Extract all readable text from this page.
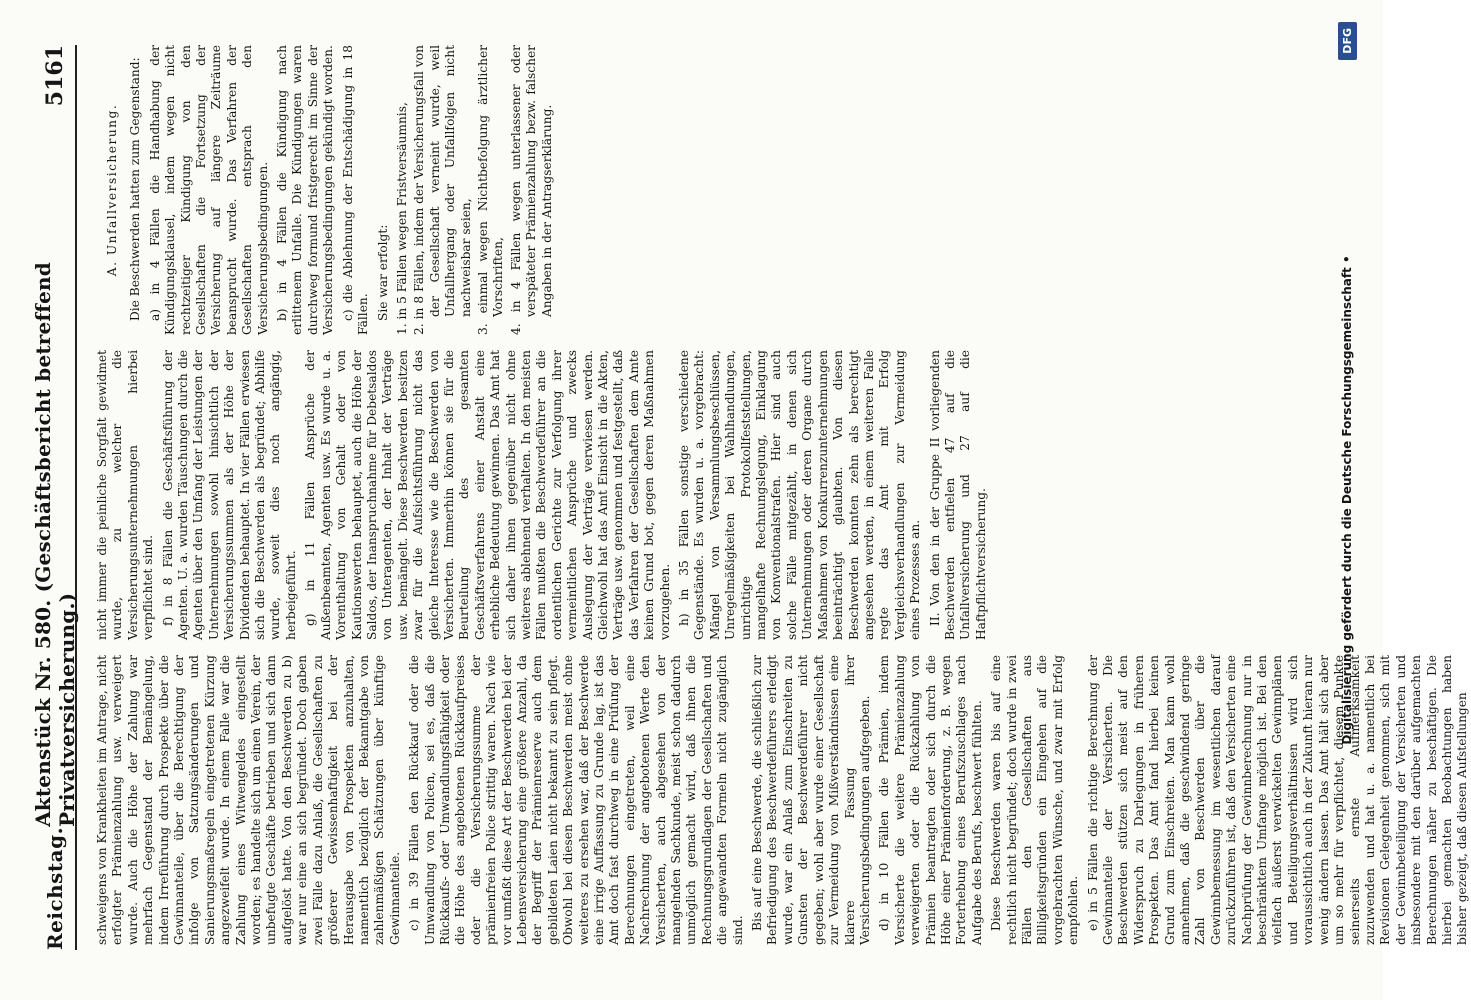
Reichstag.
Aktenstück Nr. 580. (Geschäftsbericht betreffend Privatversicherung.)
5161

schweigens von Krankheiten im Antrage, nicht erfolgter Prämienzahlung usw. verweigert wurde. Auch die Höhe der Zahlung war mehrfach Gegenstand der Bemängelung, indem Irreführung durch Prospekte über die Gewinnanteile, über die Berechtigung der infolge von Satzungsänderungen und Sanierungsmaßregeln eingetretenen Kürzung angezweifelt wurde. In einem Falle war die Zahlung eines Witwengeldes eingestellt worden; es handelte sich um einen Verein, der unbefugte Geschäfte betrieben und sich dann aufgelöst hatte. Von den Beschwerden zu b) war nur eine an sich begründet. Doch gaben zwei Fälle dazu Anlaß, die Gesellschaften zu größerer Gewissenhaftigkeit bei der Herausgabe von Prospekten anzuhalten, namentlich bezüglich der Bekanntgabe von zahlenmäßigen Schätzungen über künftige Gewinnanteile. c) in 39 Fällen den Rückkauf oder die Umwandlung von Policen, sei es, daß die Rückkaufs- oder Umwandlungsfähigkeit oder die Höhe des angebotenen Rückkaufpreises oder die Versicherungssumme der prämienfreien Police strittig waren. Nach wie vor umfaßt diese Art der Beschwerden bei der Lebensversicherung eine größere Anzahl, da der Begriff der Prämienreserve auch dem gebildeten Laien nicht bekannt zu sein pflegt. Obwohl bei diesen Beschwerden meist ohne weiteres zu ersehen war, daß der Beschwerde eine irrige Auffassung zu Grunde lag, ist das Amt doch fast durchweg in eine Prüfung der Berechnungen eingetreten, weil eine Nachrechnung der angebotenen Werte den Versicherten, auch abgesehen von der mangelnden Sachkunde, meist schon dadurch unmöglich gemacht wird, daß ihnen die Rechnungsgrundlagen der Gesellschaften und die angewandten Formeln nicht zugänglich sind. Bis auf eine Beschwerde, die schließlich zur Befriedigung des Beschwerdeführers erledigt wurde, war ein Anlaß zum Einschreiten zu Gunsten der Beschwerdeführer nicht gegeben; wohl aber wurde einer Gesellschaft zur Vermeidung von Mißverständnissen eine klarere Fassung ihrer Versicherungsbedingungen aufgegeben. d) in 10 Fällen die Prämien, indem Versicherte die weitere Prämienzahlung verweigerten oder die Rückzahlung von Prämien beantragten oder sich durch die Höhe einer Prämienforderung, z. B. wegen Forterhebung eines Berufszuschlages nach Aufgabe des Berufs, beschwert fühlten. Diese Beschwerden waren bis auf eine rechtlich nicht begründet; doch wurde in zwei Fällen den Gesellschaften aus Billigkeitsgründen ein Eingehen auf die vorgebrachten Wünsche, und zwar mit Erfolg empfohlen. e) in 5 Fällen die richtige Berechnung der Gewinnanteile der Versicherten. Die Beschwerden stützen sich meist auf den Widerspruch zu Darlegungen in früheren Prospekten. Das Amt fand hierbei keinen Grund zum Einschreiten. Man kann wohl annehmen, daß die geschwindend geringe Zahl von Beschwerden über die Gewinnbemessung im wesentlichen darauf zurückzuführen ist, daß den Versicherten eine Nachprüfung der Gewinnberechnung nur in beschränktem Umfange möglich ist. Bei den vielfach äußerst verwickelten Gewinnplänen und Beteiligungsverhältnissen wird sich voraussichtlich auch in der Zukunft hieran nur wenig ändern lassen. Das Amt hält sich aber um so mehr für verpflichtet, diesem Punkte seinerseits ernste Aufmerksamkeit zuzuwenden und hat u. a. namentlich bei Revisionen Gelegenheit genommen, sich mit der Gewinnbeteiligung der Versicherten und insbesondere mit den darüber aufgemachten Berechnungen näher zu beschäftigen. Die hierbei gemachten Beobachtungen haben bisher gezeigt, daß diesen Aufstellungen

nicht immer die peinliche Sorgfalt gewidmet wurde, zu welcher die Versicherungsunternehmungen hierbei verpflichtet sind. f) in 8 Fällen die Geschäftsführung der Agenten. U. a. wurden Täuschungen durch die Agenten über den Umfang der Leistungen der Unternehmungen sowohl hinsichtlich der Versicherungssummen als der Höhe der Dividenden behauptet. In vier Fällen erwiesen sich die Beschwerden als begründet; Abhilfe wurde, soweit dies noch angängig, herbeigeführt. g) in 11 Fällen Ansprüche der Außenbeamten, Agenten usw. Es wurde u. a. Vorenthaltung von Gehalt oder von Kautionswerten behauptet, auch die Höhe der Saldos, der Inanspruchnahme für Debetsaldos von Unteragenten, der Inhalt der Verträge usw. bemängelt. Diese Beschwerden besitzen zwar für die Aufsichtsführung nicht das gleiche Interesse wie die Beschwerden von Versicherten. Immerhin können sie für die Beurteilung des gesamten Geschäftsverfahrens einer Anstalt eine erhebliche Bedeutung gewinnen. Das Amt hat sich daher ihnen gegenüber nicht ohne weiteres ablehnend verhalten. In den meisten Fällen mußten die Beschwerdeführer an die ordentlichen Gerichte zur Verfolgung ihrer vermeintlichen Ansprüche und zwecks Auslegung der Verträge verwiesen werden. Gleichwohl hat das Amt Einsicht in die Akten, Verträge usw. genommen und festgestellt, daß das Verfahren der Gesellschaften dem Amte keinen Grund bot, gegen deren Maßnahmen vorzugehen. h) in 35 Fällen sonstige verschiedene Gegenstände. Es wurden u. a. vorgebracht: Mängel von Versammlungsbeschlüssen, Unregelmäßigkeiten bei Wahlhandlungen, unrichtige Protokollfeststellungen, mangelhafte Rechnungslegung, Einklagung von Konventionalstrafen. Hier sind auch solche Fälle mitgezählt, in denen sich Unternehmungen oder deren Organe durch Maßnahmen von Konkurrenzunternehmungen beeinträchtigt glaubten. Von diesen Beschwerden konnten zehn als berechtigt angesehen werden, in einem weiteren Falle regte das Amt mit Erfolg Vergleichsverhandlungen zur Vermeidung eines Prozesses an. II. Von den in der Gruppe II vorliegenden Beschwerden entfielen 47 auf die Unfallversicherung und 27 auf die Haftpflichtversicherung.

A. Unfallversicherung. Die Beschwerden hatten zum Gegenstand: a) in 4 Fällen die Handhabung der Kündigungsklausel, indem wegen nicht rechtzeitiger Kündigung von den Gesellschaften die Fortsetzung der Versicherung auf längere Zeiträume beansprucht wurde. Das Verfahren der Gesellschaften entsprach den Versicherungsbedingungen. b) in 4 Fällen die Kündigung nach erlittenem Unfalle. Die Kündigungen waren durchweg formund fristgerecht im Sinne der Versicherungsbedingungen gekündigt worden. c) die Ablehnung der Entschädigung in 18 Fällen. Sie war erfolgt: 1. in 5 Fällen wegen Fristversäumnis, 2. in 8 Fällen, indem der Versicherungsfall von der Gesellschaft verneint wurde, weil Unfallhergang oder Unfallfolgen nicht nachweisbar seien, 3. einmal wegen Nichtbefolgung ärztlicher Vorschriften, 4. in 4 Fällen wegen unterlassener oder verspäteter Prämienzahlung bezw. falscher Angaben in der Antragserklärung.
Digitalisierung gefördert durch die Deutsche Forschungsgemeinschaft •
DFG
